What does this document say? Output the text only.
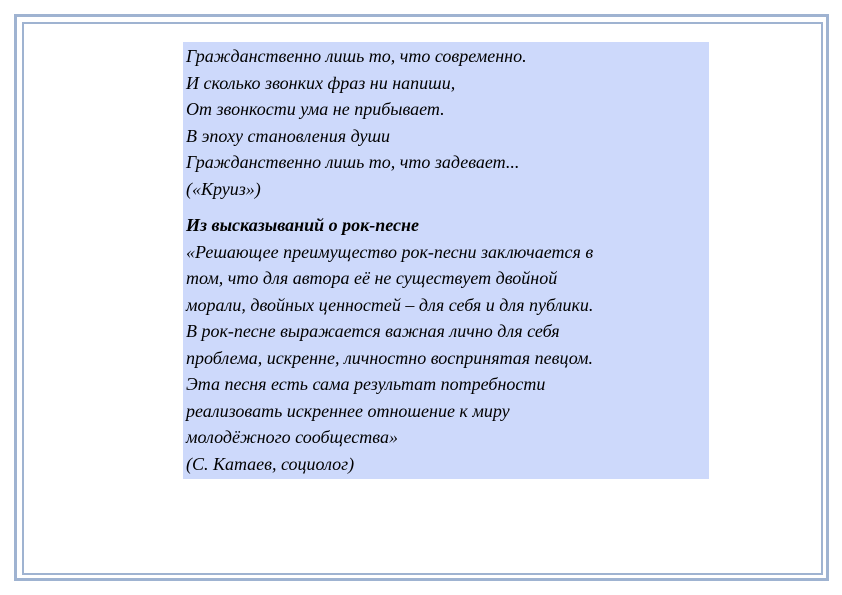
Гражданственно лишь то, что современно.
И сколько звонких фраз ни напиши,
От звонкости ума не прибывает.
В эпоху становления души
Гражданственно лишь то, что задевает...
(«Круиз»)
Из высказываний о рок-песне
«Решающее преимущество рок-песни заключается в
том, что для автора её не существует двойной
морали, двойных ценностей – для себя и для публики.
В рок-песне выражается важная лично для себя
проблема, искренне, личностно воспринятая певцом.
Эта песня есть сама результат потребности
реализовать искреннее отношение к миру
молодёжного сообщества»
(С. Катаев, социолог)
